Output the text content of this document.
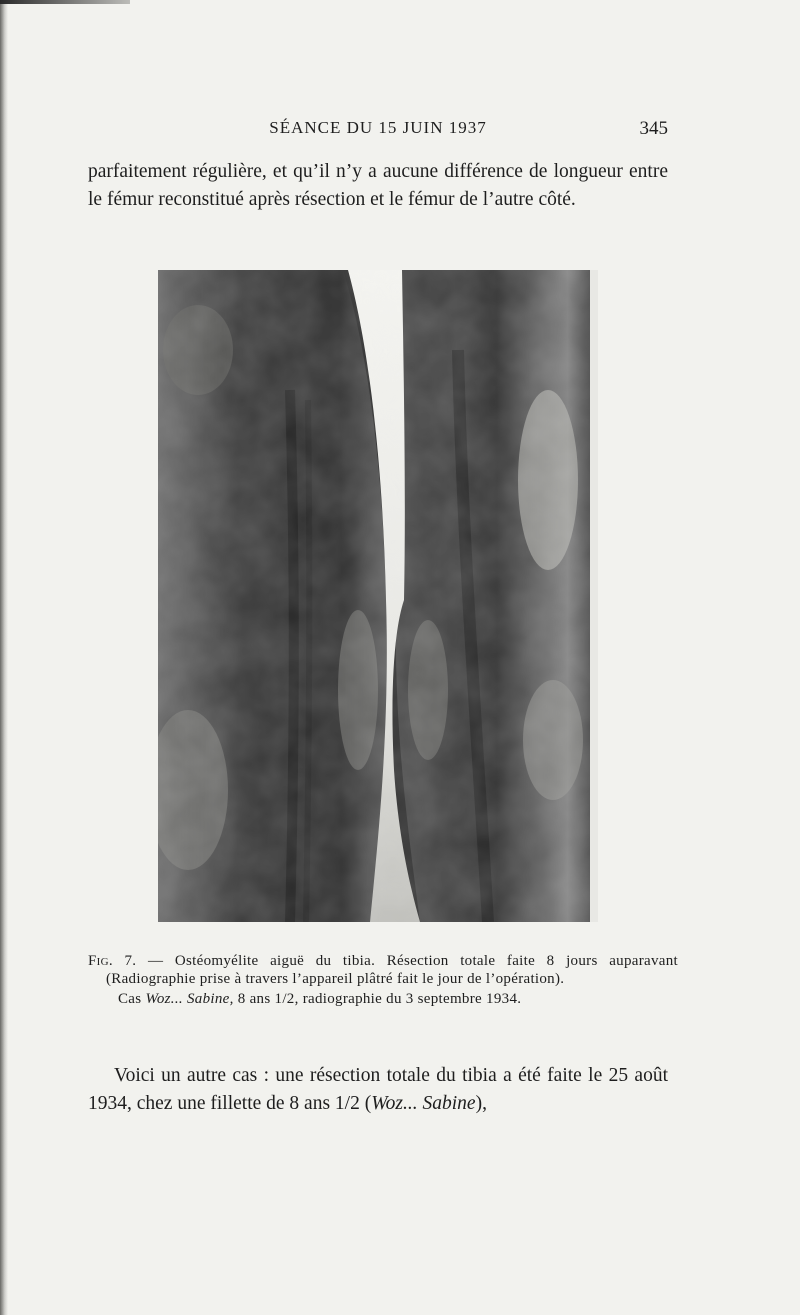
SÉANCE DU 15 JUIN 1937	345

parfaitement régulière, et qu’il n’y a aucune différence de longueur entre le fémur reconstitué après résection et le fémur de l’autre côté.

Fig. 7. — Ostéomyélite aiguë du tibia. Résection totale faite 8 jours auparavant (Radiographie prise à travers l’appareil plâtré fait le jour de l’opération).

Cas Woz... Sabine, 8 ans 1/2, radiographie du 3 septembre 1934.

Voici un autre cas : une résection totale du tibia a été faite le 25 août 1934, chez une fillette de 8 ans 1/2 (Woz... Sabine),
